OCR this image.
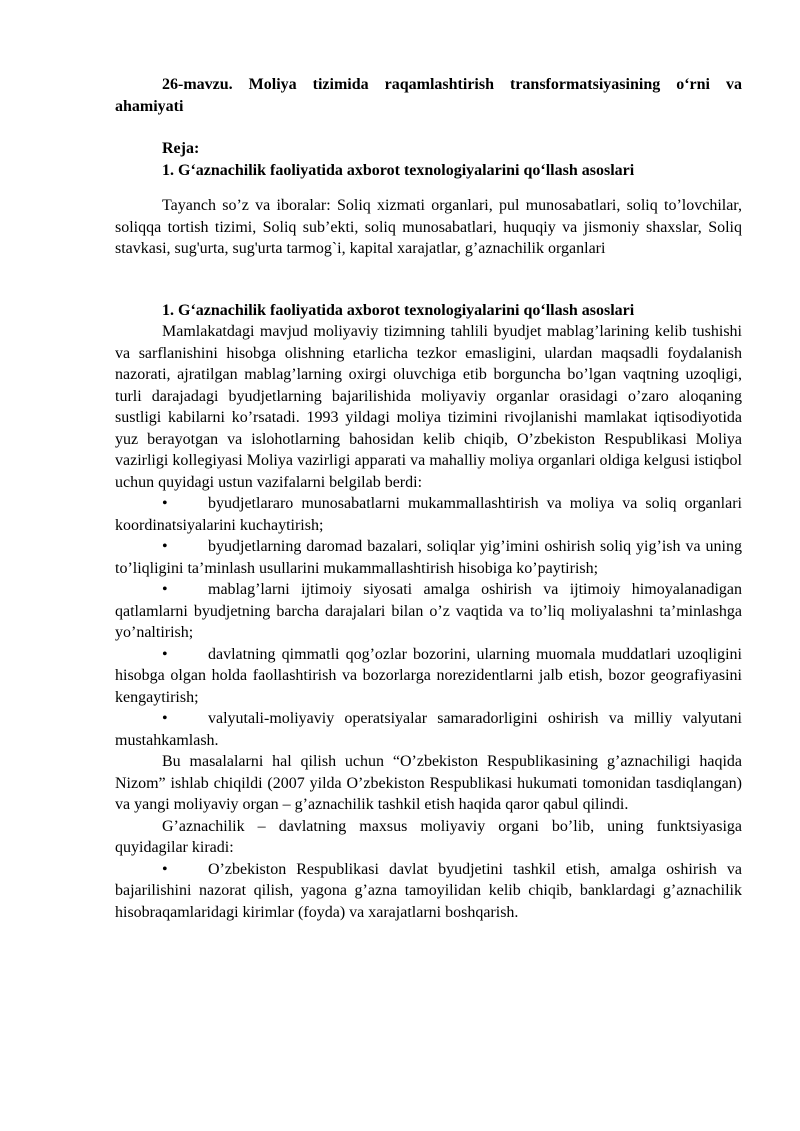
26-mavzu. Moliya tizimida raqamlashtirish transformatsiyasining o‘rni va ahamiyati

Reja:
1. G‘aznachilik faoliyatida axborot texnologiyalarini qo‘llash asoslari

Tayanch so’z va iboralar: Soliq xizmati organlari, pul munosabatlari, soliq to’lovchilar, soliqqa tortish tizimi, Soliq sub’ekti, soliq munosabatlari, huquqiy va jismoniy shaxslar, Soliq stavkasi, sug'urta, sug'urta tarmog`i, kapital xarajatlar, g’aznachilik organlari

1. G‘aznachilik faoliyatida axborot texnologiyalarini qo‘llash asoslari

Mamlakatdagi mavjud moliyaviy tizimning tahlili byudjet mablag’larining kelib tushishi va sarflanishini hisobga olishning etarlicha tezkor emasligini, ulardan maqsadli foydalanish nazorati, ajratilgan mablag’larning oxirgi oluvchiga etib borguncha bo’lgan vaqtning uzoqligi, turli darajadagi byudjetlarning bajarilishida moliyaviy organlar orasidagi o’zaro aloqaning sustligi kabilarni ko’rsatadi. 1993 yildagi moliya tizimini rivojlanishi mamlakat iqtisodiyotida yuz berayotgan va islohotlarning bahosidan kelib chiqib, O’zbekiston Respublikasi Moliya vazirligi kollegiyasi Moliya vazirligi apparati va mahalliy moliya organlari oldiga kelgusi istiqbol uchun quyidagi ustun vazifalarni belgilab berdi:

•	byudjetlararo munosabatlarni mukammallashtirish va moliya va soliq organlari koordinatsiyalarini kuchaytirish;

•	byudjetlarning daromad bazalari, soliqlar yig’imini oshirish soliq yig’ish va uning to’liqligini ta’minlash usullarini mukammallashtirish hisobiga ko’paytirish;

•	mablag’larni ijtimoiy siyosati amalga oshirish va ijtimoiy himoyalanadigan qatlamlarni byudjetning barcha darajalari bilan o’z vaqtida va to’liq moliyalashni ta’minlashga yo’naltirish;

•	davlatning qimmatli qog’ozlar bozorini, ularning muomala muddatlari uzoqligini hisobga olgan holda faollashtirish va bozorlarga norezidentlarni jalb etish, bozor geografiyasini kengaytirish;

•	valyutali-moliyaviy operatsiyalar samaradorligini oshirish va milliy valyutani mustahkamlash.

Bu masalalarni hal qilish uchun “O’zbekiston Respublikasining g’aznachiligi haqida Nizom” ishlab chiqildi (2007 yilda O’zbekiston Respublikasi hukumati tomonidan tasdiqlangan) va yangi moliyaviy organ – g’aznachilik tashkil etish haqida qaror qabul qilindi.

G’aznachilik – davlatning maxsus moliyaviy organi bo’lib, uning funktsiyasiga quyidagilar kiradi:

•	O’zbekiston Respublikasi davlat byudjetini tashkil etish, amalga oshirish va bajarilishini nazorat qilish, yagona g’azna tamoyilidan kelib chiqib, banklardagi g’aznachilik hisobraqamlaridagi kirimlar (foyda) va xarajatlarni boshqarish.
